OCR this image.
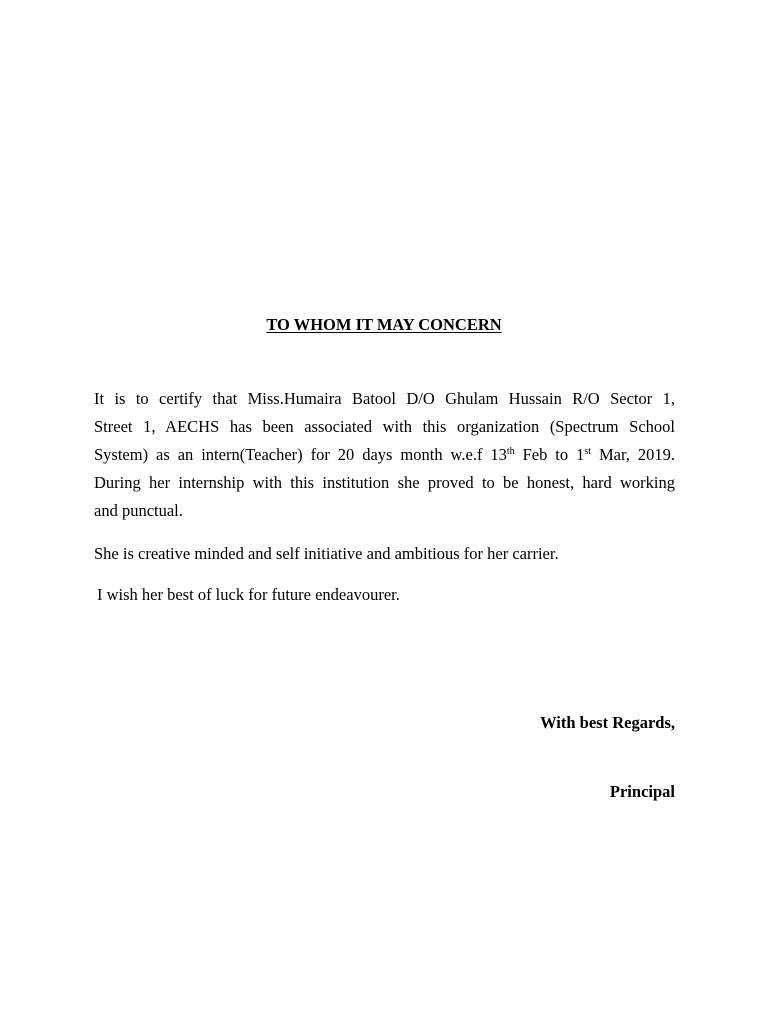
TO WHOM IT MAY CONCERN
It is to certify that Miss.Humaira Batool D/O Ghulam Hussain R/O Sector 1,
Street 1, AECHS has been associated with this organization (Spectrum School
System) as an intern(Teacher) for 20 days month w.e.f 13th Feb to 1st Mar, 2019.
During her internship with this institution she proved to be honest, hard working
and punctual.

She is creative minded and self initiative and ambitious for her carrier.

I wish her best of luck for future endeavourer.

With best Regards,
Principal
